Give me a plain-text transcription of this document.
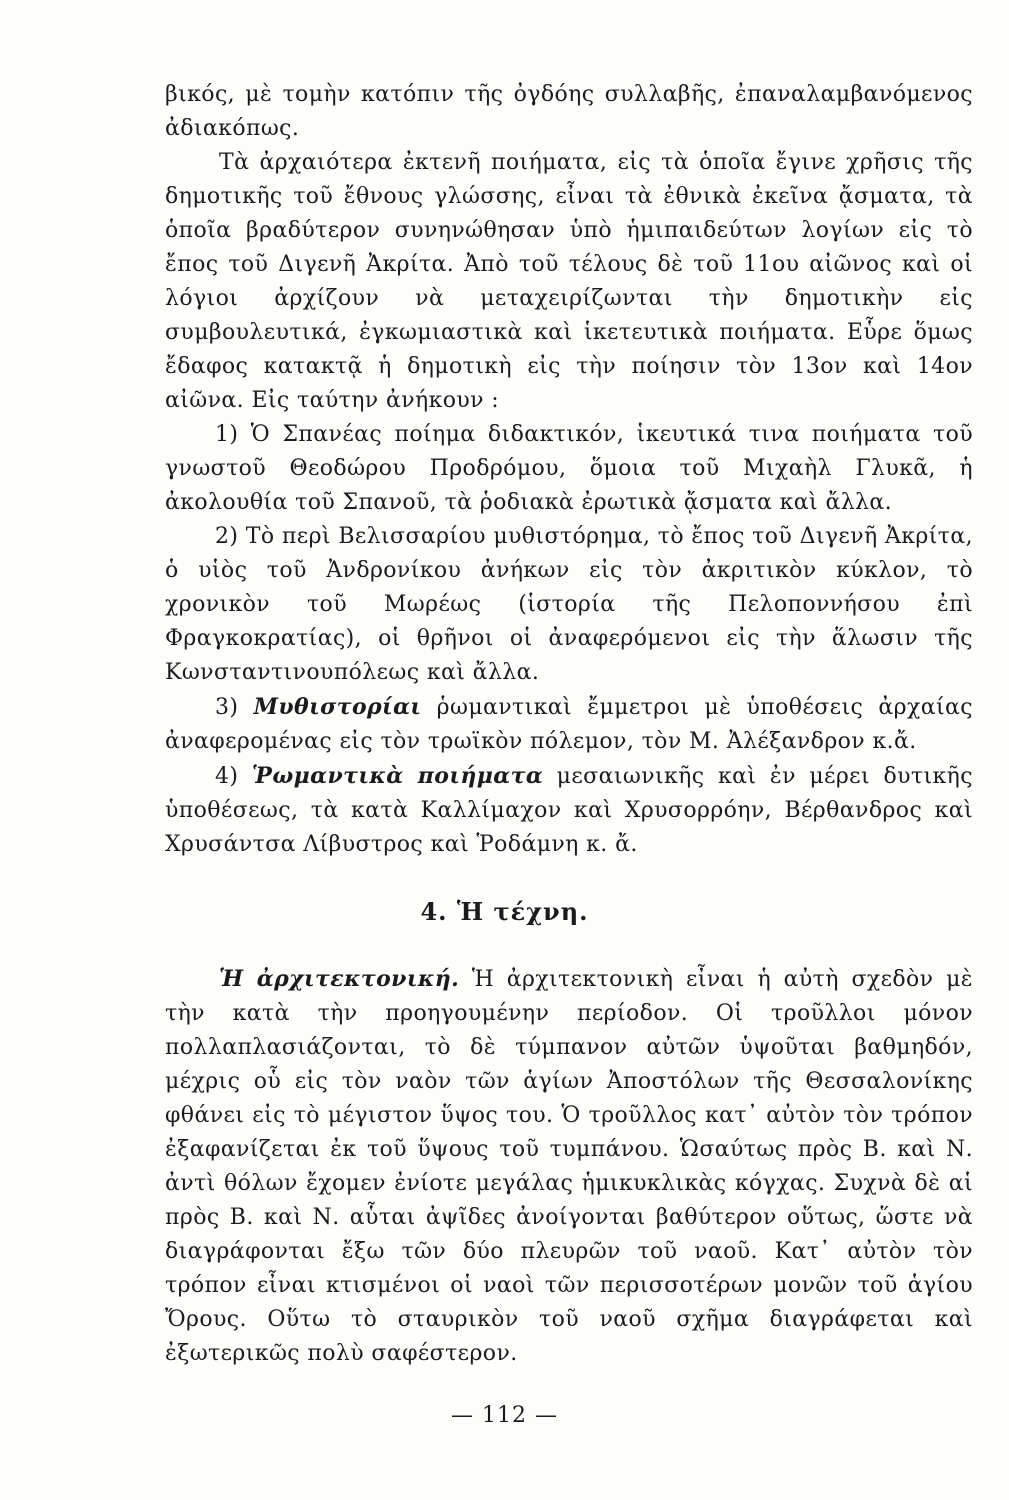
βικός, μὲ τομὴν κατόπιν τῆς ὀγδόης συλλαβῆς, ἐπαναλαμβανόμενος ἀδιακόπως.

Τὰ ἀρχαιότερα ἐκτενῆ ποιήματα, εἰς τὰ ὁποῖα ἔγινε χρῆσις τῆς δημοτικῆς τοῦ ἔθνους γλώσσης, εἶναι τὰ ἐθνικὰ ἐκεῖνα ᾄσματα, τὰ ὁποῖα βραδύτερον συνηνώθησαν ὑπὸ ἡμιπαιδεύτων λογίων εἰς τὸ ἔπος τοῦ Διγενῆ Ἀκρίτα. Ἀπὸ τοῦ τέλους δὲ τοῦ 11ου αἰῶνος καὶ οἱ λόγιοι ἀρχίζουν νὰ μεταχειρίζωνται τὴν δημοτικὴν εἰς συμβουλευτικά, ἐγκωμιαστικὰ καὶ ἱκετευτικὰ ποιήματα. Εὗρε ὅμως ἔδαφος κατακτᾷ ἡ δημοτικὴ εἰς τὴν ποίησιν τὸν 13ον καὶ 14ον αἰῶνα. Εἰς ταύτην ἀνήκουν :

1) Ὁ Σπανέας ποίημα διδακτικόν, ἱκευτικά τινα ποιήματα τοῦ γνωστοῦ Θεοδώρου Προδρόμου, ὅμοια τοῦ Μιχαὴλ Γλυκᾶ, ἡ ἀκολουθία τοῦ Σπανοῦ, τὰ ῥοδιακὰ ἐρωτικὰ ᾄσματα καὶ ἄλλα.

2) Τὸ περὶ Βελισσαρίου μυθιστόρημα, τὸ ἔπος τοῦ Διγενῆ Ἀκρίτα, ὁ υἱὸς τοῦ Ἀνδρονίκου ἀνήκων εἰς τὸν ἀκριτικὸν κύκλον, τὸ χρονικὸν τοῦ Μωρέως (ἱστορία τῆς Πελοποννήσου ἐπὶ Φραγκοκρατίας), οἱ θρῆνοι οἱ ἀναφερόμενοι εἰς τὴν ἅλωσιν τῆς Κωνσταντινουπόλεως καὶ ἄλλα.

3) Μυθιστορίαι ῥωμαντικαὶ ἔμμετροι μὲ ὑποθέσεις ἀρχαίας ἀναφερομένας εἰς τὸν τρωϊκὸν πόλεμον, τὸν Μ. Ἀλέξανδρον κ.ἄ.

4) Ῥωμαντικὰ ποιήματα μεσαιωνικῆς καὶ ἐν μέρει δυτικῆς ὑποθέσεως, τὰ κατὰ Καλλίμαχον καὶ Χρυσορρόην, Βέρθανδρος καὶ Χρυσάντσα Λίβυστρος καὶ Ῥοδάμνη κ. ἄ.

4. Ἡ τέχνη.

Ἡ ἀρχιτεκτονική. Ἡ ἀρχιτεκτονικὴ εἶναι ἡ αὐτὴ σχεδὸν μὲ τὴν κατὰ τὴν προηγουμένην περίοδον. Οἱ τροῦλλοι μόνον πολλαπλασιάζονται, τὸ δὲ τύμπανον αὐτῶν ὑψοῦται βαθμηδόν, μέχρις οὗ εἰς τὸν ναὸν τῶν ἁγίων Ἀποστόλων τῆς Θεσσαλονίκης φθάνει εἰς τὸ μέγιστον ὕψος του. Ὁ τροῦλλος κατ᾽ αὐτὸν τὸν τρόπον ἐξαφανίζεται ἐκ τοῦ ὕψους τοῦ τυμπάνου. Ὡσαύτως πρὸς Β. καὶ Ν. ἀντὶ θόλων ἔχομεν ἐνίοτε μεγάλας ἡμικυκλικὰς κόγχας. Συχνὰ δὲ αἱ πρὸς Β. καὶ Ν. αὗται ἀψῖδες ἀνοίγονται βαθύτερον οὕτως, ὥστε νὰ διαγράφονται ἔξω τῶν δύο πλευρῶν τοῦ ναοῦ. Κατ᾽ αὐτὸν τὸν τρόπον εἶναι κτισμένοι οἱ ναοὶ τῶν περισσοτέρων μονῶν τοῦ ἁγίου Ὄρους. Οὕτω τὸ σταυρικὸν τοῦ ναοῦ σχῆμα διαγράφεται καὶ ἐξωτερικῶς πολὺ σαφέστερον.

— 112 —
